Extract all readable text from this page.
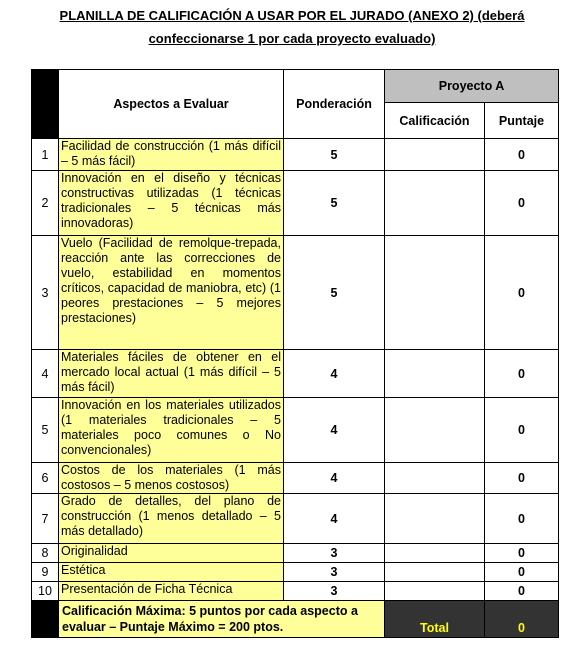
PLANILLA DE CALIFICACIÓN A USAR POR EL JURADO (ANEXO 2) (deberá
confeccionarse 1 por cada proyecto evaluado)
	Aspectos a Evaluar	Ponderación	Proyecto A	
			Calificación	Puntaje
1	Facilidad de construcción (1 más difícil – 5 más fácil)	5		0
2	Innovación en el diseño y técnicas constructivas utilizadas (1 técnicas tradicionales – 5 técnicas más innovadoras)	5		0
3	Vuelo (Facilidad de remolque-trepada, reacción ante las correcciones de vuelo, estabilidad en momentos críticos, capacidad de maniobra, etc) (1 peores prestaciones – 5 mejores prestaciones)	5		0
4	Materiales fáciles de obtener en el mercado local actual (1 más difícil – 5 más fácil)	4		0
5	Innovación en los materiales utilizados (1 materiales tradicionales – 5 materiales poco comunes o No convencionales)	4		0
6	Costos de los materiales (1 más costosos – 5 menos costosos)	4		0
7	Grado de detalles, del plano de construcción (1 menos detallado – 5 más detallado)	4		0
8	Originalidad	3		0
9	Estética	3		0
10	Presentación de Ficha Técnica	3		0
	Calificación Máxima: 5 puntos por cada aspecto a evaluar – Puntaje Máximo = 200 ptos.		Total	0
